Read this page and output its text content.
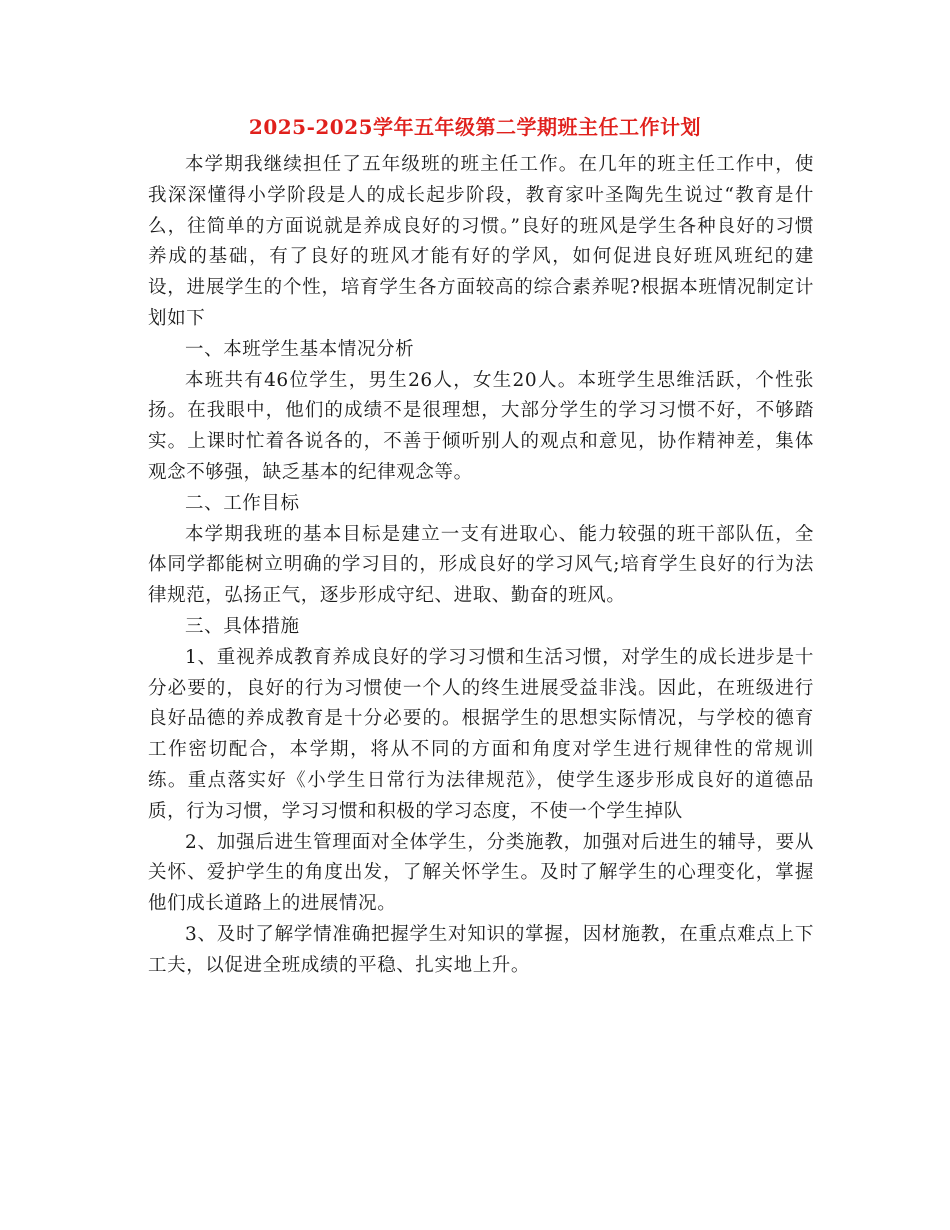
2025-2025学年五年级第二学期班主任工作计划

本学期我继续担任了五年级班的班主任工作。在几年的班主任工作中，使我深深懂得小学阶段是人的成长起步阶段，教育家叶圣陶先生说过“教育是什么，往简单的方面说就是养成良好的习惯。”良好的班风是学生各种良好的习惯养成的基础，有了良好的班风才能有好的学风，如何促进良好班风班纪的建设，进展学生的个性，培育学生各方面较高的综合素养呢?根据本班情况制定计划如下

一、本班学生基本情况分析

本班共有46位学生，男生26人，女生20人。本班学生思维活跃，个性张扬。在我眼中，他们的成绩不是很理想，大部分学生的学习习惯不好，不够踏实。上课时忙着各说各的，不善于倾听别人的观点和意见，协作精神差，集体观念不够强，缺乏基本的纪律观念等。

二、工作目标

本学期我班的基本目标是建立一支有进取心、能力较强的班干部队伍，全体同学都能树立明确的学习目的，形成良好的学习风气;培育学生良好的行为法律规范，弘扬正气，逐步形成守纪、进取、勤奋的班风。

三、具体措施

1、重视养成教育养成良好的学习习惯和生活习惯，对学生的成长进步是十分必要的，良好的行为习惯使一个人的终生进展受益非浅。因此，在班级进行良好品德的养成教育是十分必要的。根据学生的思想实际情况，与学校的德育工作密切配合，本学期，将从不同的方面和角度对学生进行规律性的常规训练。重点落实好《小学生日常行为法律规范》，使学生逐步形成良好的道德品质，行为习惯，学习习惯和积极的学习态度，不使一个学生掉队

2、加强后进生管理面对全体学生，分类施教，加强对后进生的辅导，要从关怀、爱护学生的角度出发，了解关怀学生。及时了解学生的心理变化，掌握他们成长道路上的进展情况。

3、及时了解学情准确把握学生对知识的掌握，因材施教，在重点难点上下工夫，以促进全班成绩的平稳、扎实地上升。
